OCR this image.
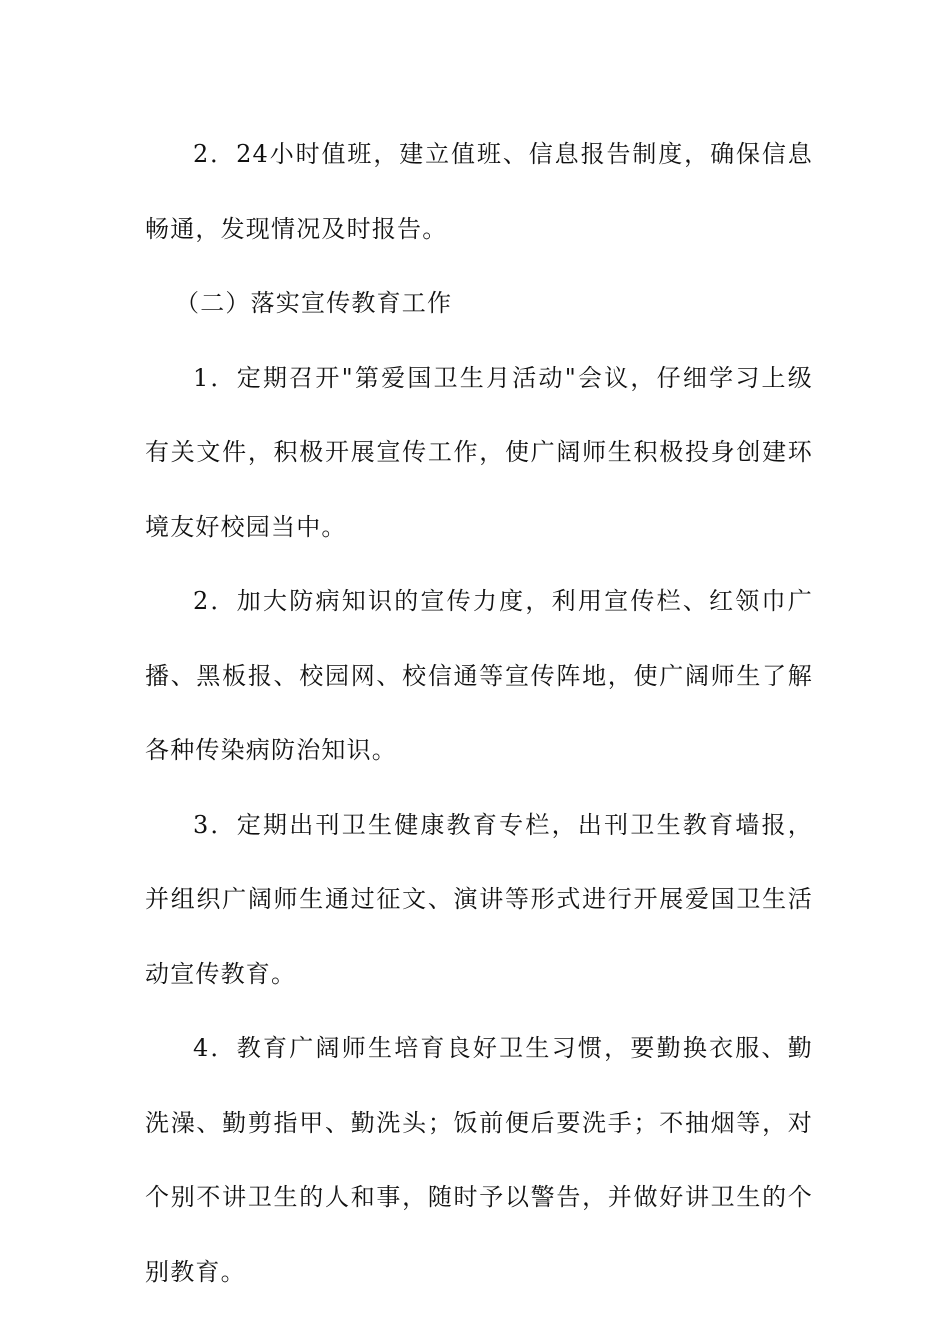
2．24小时值班，建立值班、信息报告制度，确保信息畅通，发现情况及时报告。

（二）落实宣传教育工作

1．定期召开"第爱国卫生月活动"会议，仔细学习上级有关文件，积极开展宣传工作，使广阔师生积极投身创建环境友好校园当中。

2．加大防病知识的宣传力度，利用宣传栏、红领巾广播、黑板报、校园网、校信通等宣传阵地，使广阔师生了解各种传染病防治知识。

3．定期出刊卫生健康教育专栏，出刊卫生教育墙报，并组织广阔师生通过征文、演讲等形式进行开展爱国卫生活动宣传教育。

4．教育广阔师生培育良好卫生习惯，要勤换衣服、勤洗澡、勤剪指甲、勤洗头；饭前便后要洗手；不抽烟等，对个别不讲卫生的人和事，随时予以警告，并做好讲卫生的个别教育。
